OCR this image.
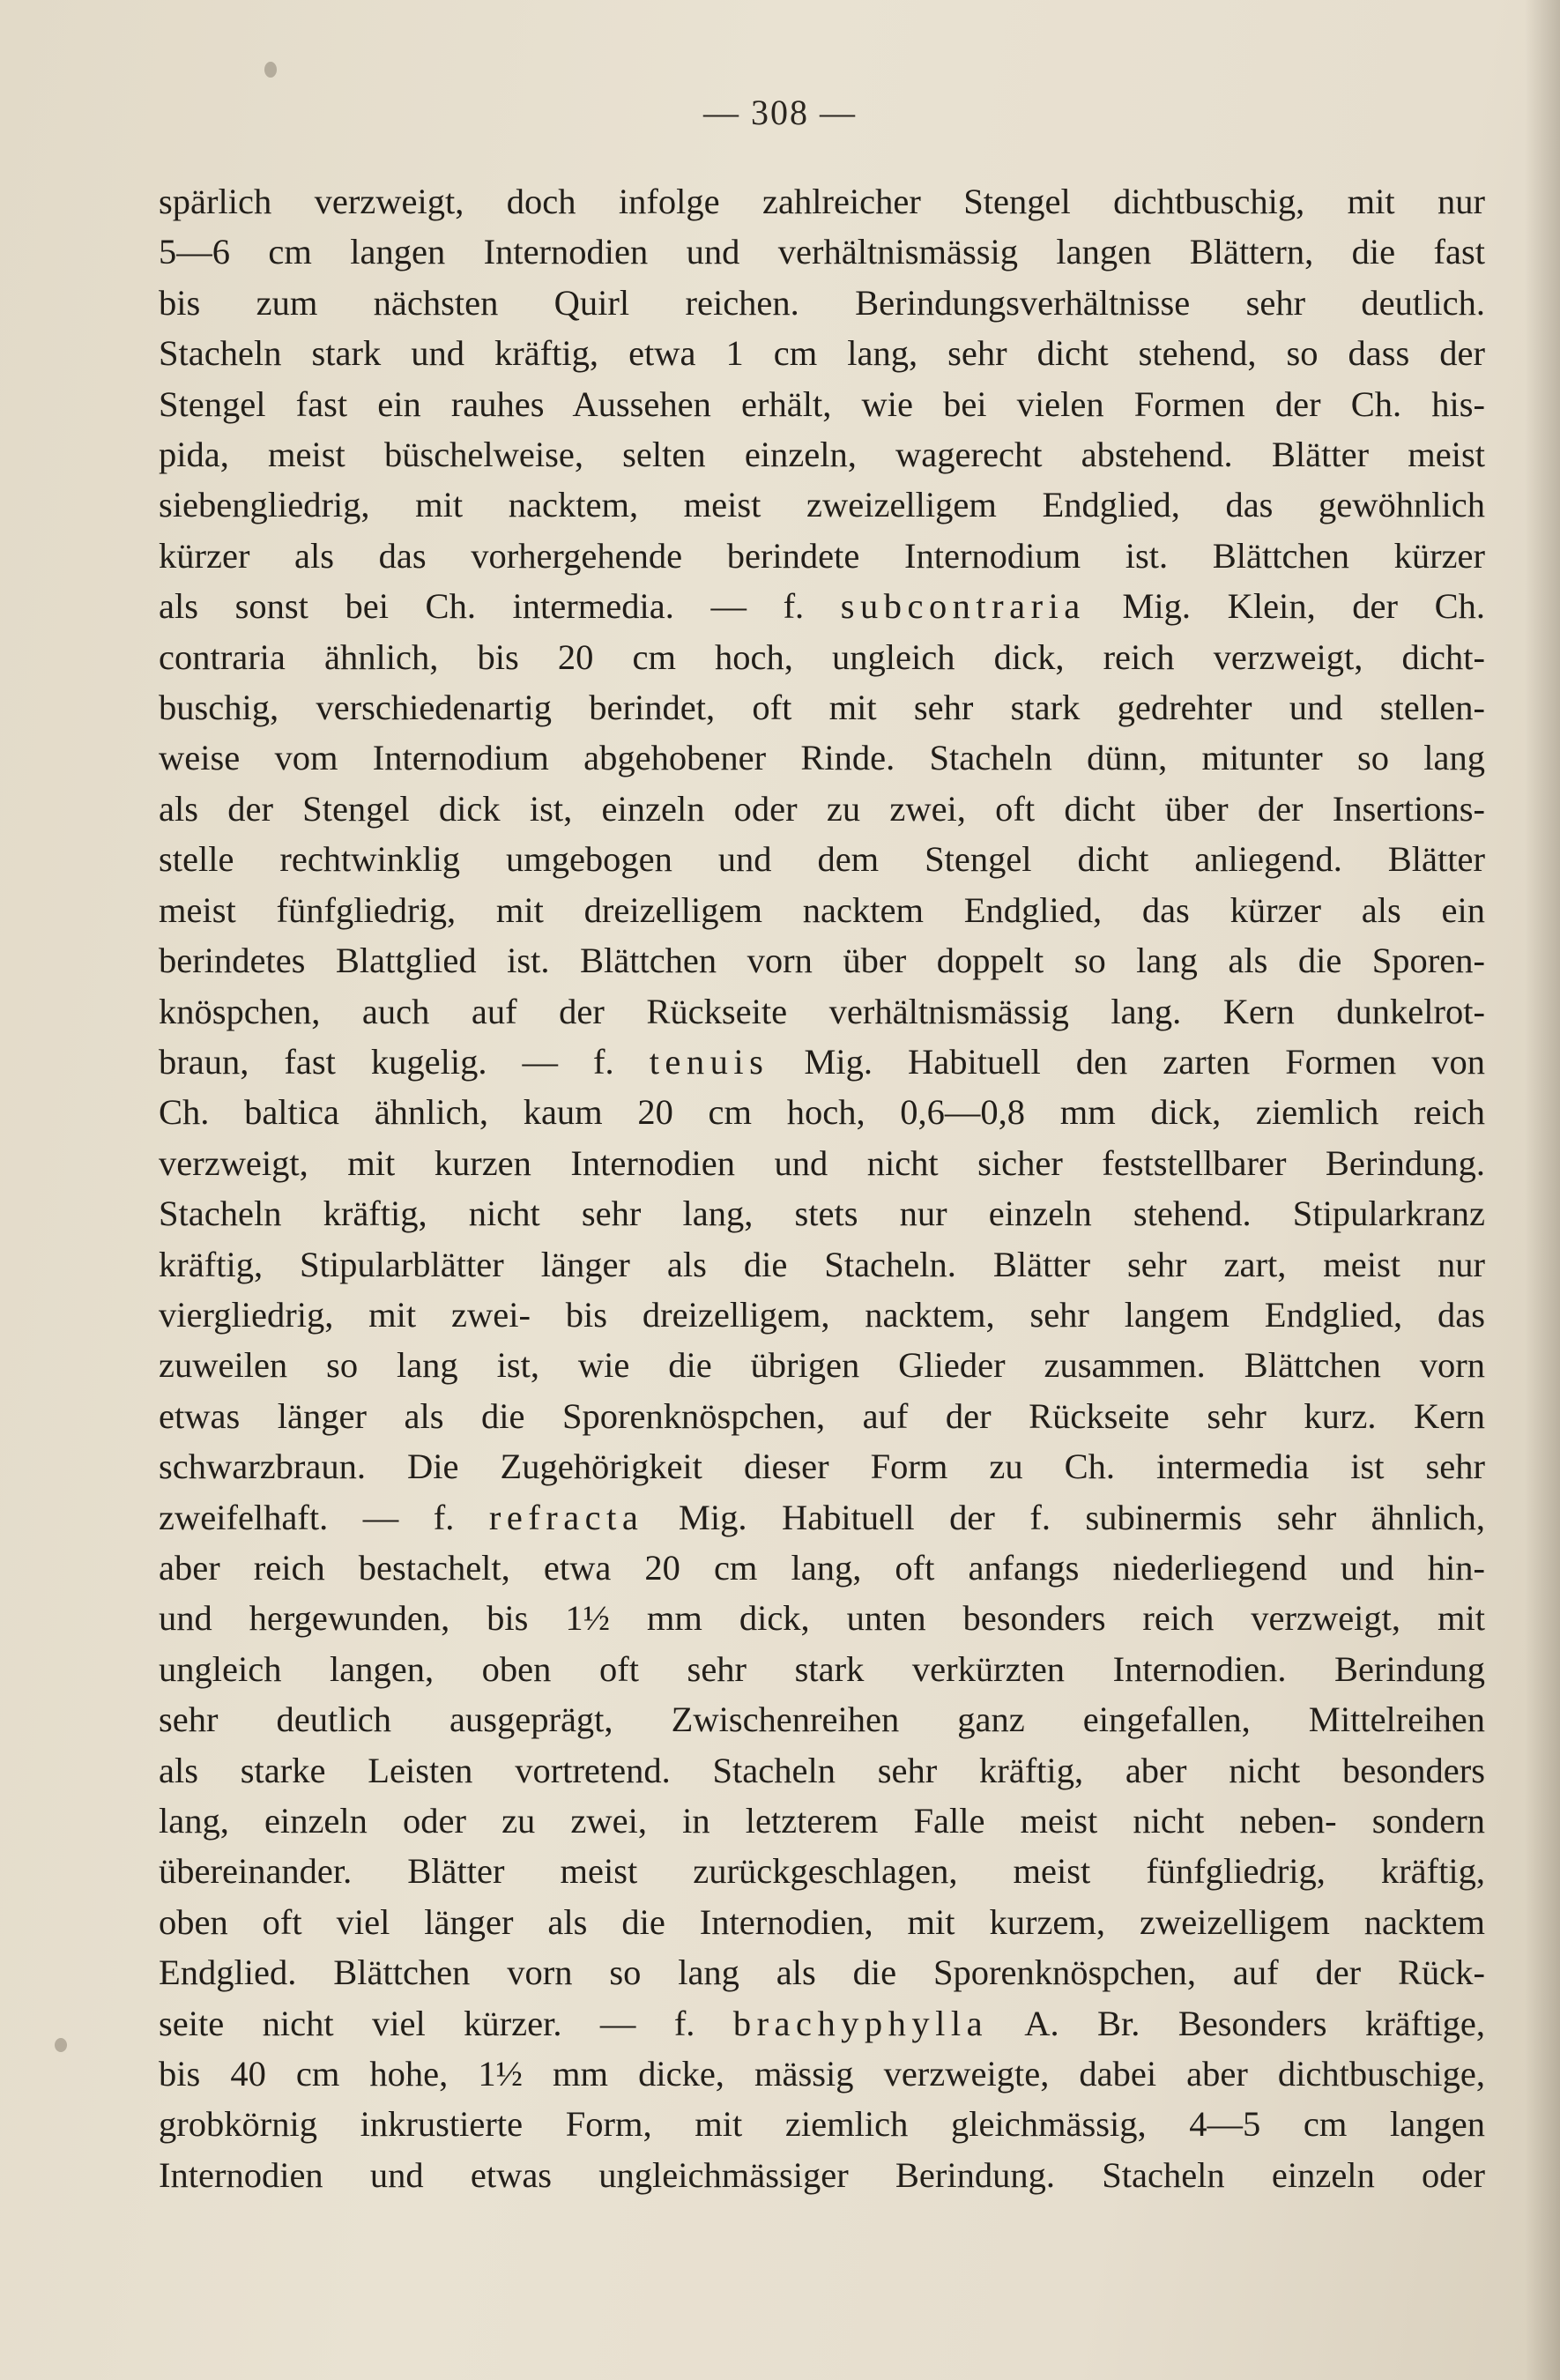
— 308 —
spärlich verzweigt, doch infolge zahlreicher Stengel dichtbuschig, mit nur
5—6 cm langen Internodien und verhältnismässig langen Blättern, die fast
bis zum nächsten Quirl reichen. Berindungsverhältnisse sehr deutlich.
Stacheln stark und kräftig, etwa 1 cm lang, sehr dicht stehend, so dass der
Stengel fast ein rauhes Aussehen erhält, wie bei vielen Formen der Ch. his-
pida, meist büschelweise, selten einzeln, wagerecht abstehend. Blätter meist
siebengliedrig, mit nacktem, meist zweizelligem Endglied, das gewöhnlich
kürzer als das vorhergehende berindete Internodium ist. Blättchen kürzer
als sonst bei Ch. intermedia. — f. subcontraria Mig. Klein, der Ch.
contraria ähnlich, bis 20 cm hoch, ungleich dick, reich verzweigt, dicht-
buschig, verschiedenartig berindet, oft mit sehr stark gedrehter und stellen-
weise vom Internodium abgehobener Rinde. Stacheln dünn, mitunter so lang
als der Stengel dick ist, einzeln oder zu zwei, oft dicht über der Insertions-
stelle rechtwinklig umgebogen und dem Stengel dicht anliegend. Blätter
meist fünfgliedrig, mit dreizelligem nacktem Endglied, das kürzer als ein
berindetes Blattglied ist. Blättchen vorn über doppelt so lang als die Sporen-
knöspchen, auch auf der Rückseite verhältnismässig lang. Kern dunkelrot-
braun, fast kugelig. — f. tenuis Mig. Habituell den zarten Formen von
Ch. baltica ähnlich, kaum 20 cm hoch, 0,6—0,8 mm dick, ziemlich reich
verzweigt, mit kurzen Internodien und nicht sicher feststellbarer Berindung.
Stacheln kräftig, nicht sehr lang, stets nur einzeln stehend. Stipularkranz
kräftig, Stipularblätter länger als die Stacheln. Blätter sehr zart, meist nur
viergliedrig, mit zwei- bis dreizelligem, nacktem, sehr langem Endglied, das
zuweilen so lang ist, wie die übrigen Glieder zusammen. Blättchen vorn
etwas länger als die Sporenknöspchen, auf der Rückseite sehr kurz. Kern
schwarzbraun. Die Zugehörigkeit dieser Form zu Ch. intermedia ist sehr
zweifelhaft. — f. refracta Mig. Habituell der f. subinermis sehr ähnlich,
aber reich bestachelt, etwa 20 cm lang, oft anfangs niederliegend und hin-
und hergewunden, bis 1½ mm dick, unten besonders reich verzweigt, mit
ungleich langen, oben oft sehr stark verkürzten Internodien. Berindung
sehr deutlich ausgeprägt, Zwischenreihen ganz eingefallen, Mittelreihen
als starke Leisten vortretend. Stacheln sehr kräftig, aber nicht besonders
lang, einzeln oder zu zwei, in letzterem Falle meist nicht neben- sondern
übereinander. Blätter meist zurückgeschlagen, meist fünfgliedrig, kräftig,
oben oft viel länger als die Internodien, mit kurzem, zweizelligem nacktem
Endglied. Blättchen vorn so lang als die Sporenknöspchen, auf der Rück-
seite nicht viel kürzer. — f. brachyphylla A. Br. Besonders kräftige,
bis 40 cm hohe, 1½ mm dicke, mässig verzweigte, dabei aber dichtbuschige,
grobkörnig inkrustierte Form, mit ziemlich gleichmässig, 4—5 cm langen
Internodien und etwas ungleichmässiger Berindung. Stacheln einzeln oder
